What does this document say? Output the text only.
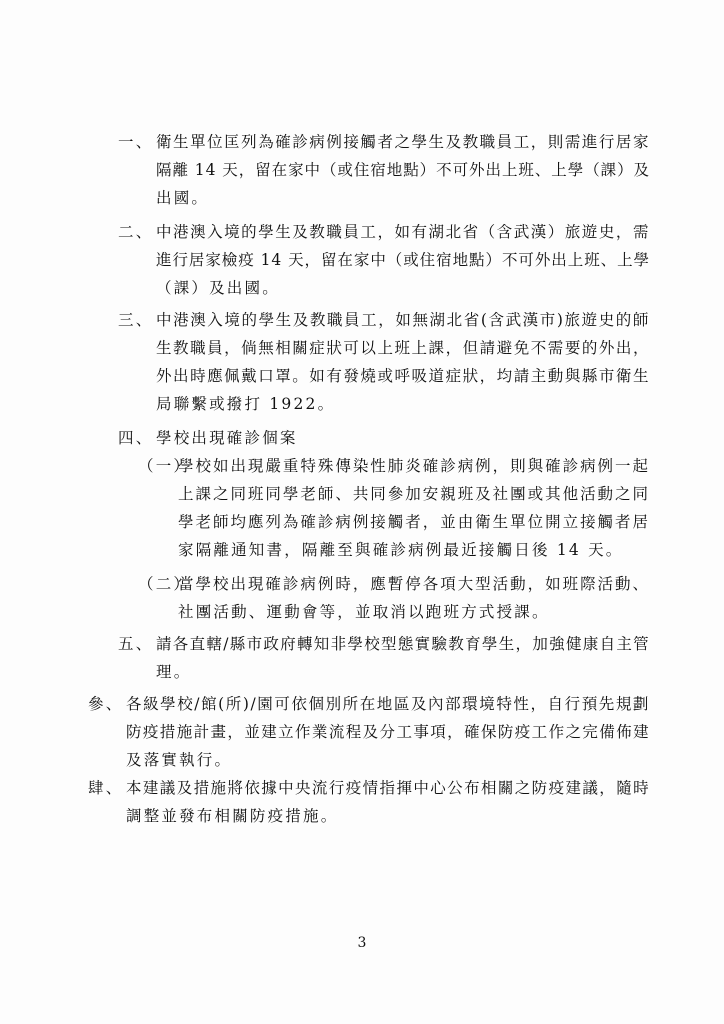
一、 衛生單位匡列為確診病例接觸者之學生及教職員工，則需進行居家
隔離 14 天，留在家中（或住宿地點）不可外出上班、上學（課）及
出國。
二、 中港澳入境的學生及教職員工，如有湖北省（含武漢）旅遊史，需
進行居家檢疫 14 天，留在家中（或住宿地點）不可外出上班、上學
（課）及出國。
三、 中港澳入境的學生及教職員工，如無湖北省(含武漢市)旅遊史的師
生教職員，倘無相關症狀可以上班上課，但請避免不需要的外出，
外出時應佩戴口罩。如有發燒或呼吸道症狀，均請主動與縣市衛生
局聯繫或撥打 1922。
四、 學校出現確診個案
（一）
學校如出現嚴重特殊傳染性肺炎確診病例，則與確診病例一起
上課之同班同學老師、共同參加安親班及社團或其他活動之同
學老師均應列為確診病例接觸者，並由衛生單位開立接觸者居
家隔離通知書，隔離至與確診病例最近接觸日後 14 天。
（二）
當學校出現確診病例時，應暫停各項大型活動，如班際活動、
社團活動、運動會等，並取消以跑班方式授課。
五、 請各直轄/縣市政府轉知非學校型態實驗教育學生，加強健康自主管
理。
參、 各級學校/館(所)/園可依個別所在地區及內部環境特性，自行預先規劃
防疫措施計畫，並建立作業流程及分工事項，確保防疫工作之完備佈建
及落實執行。
肆、 本建議及措施將依據中央流行疫情指揮中心公布相關之防疫建議，隨時
調整並發布相關防疫措施。
3
